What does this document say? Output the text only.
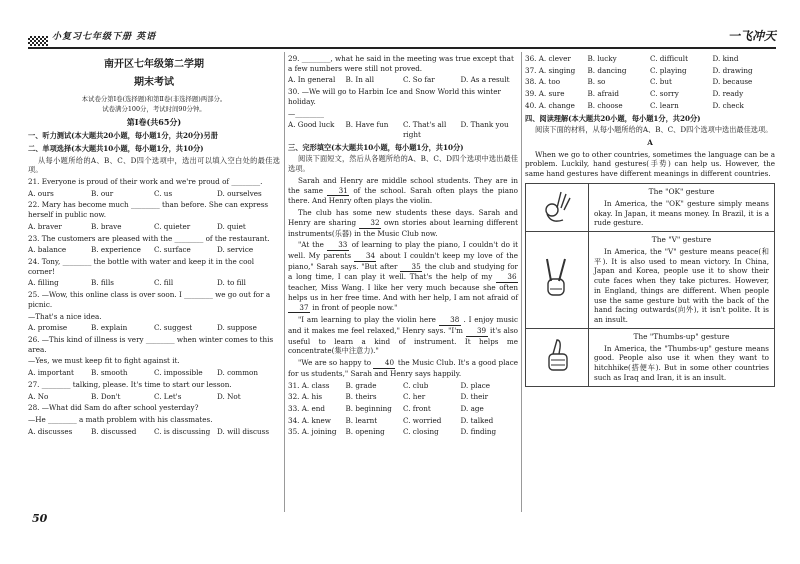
小复习七年级下册 英语	一飞冲天
南开区七年级第二学期
期末考试
本试卷分第Ⅰ卷(选择题)和第Ⅱ卷(非选择题)两部分。
试卷满分100分，考试时间90分钟。
第Ⅰ卷(共65分)
一、听力测试(本大题共20小题，每小题1分，共20分)另册
二、单项选择(本大题共10小题，每小题1分，共10分)

从每小题所给的A、B、C、D四个选项中，选出可以填入空白处的最佳选项。

21. Everyone is proud of their work and we're proud of ________.
A. ours	B. our	C. us	D. ourselves
22. Mary has become much ________ than before. She can express herself in public now.
A. braver	B. brave	C. quieter	D. quiet
23. The customers are pleased with the ________ of the restaurant.
A. balance	B. experience	C. surface	D. service
24. Tony, ________ the bottle with water and keep it in the cool corner!
A. filling	B. fills	C. fill	D. to fill
25. —Wow, this online class is over soon. I ________ we go out for a picnic.
—That's a nice idea.
A. promise	B. explain	C. suggest	D. suppose
26. —This kind of illness is very ________ when winter comes to this area.
—Yes, we must keep fit to fight against it.
A. important	B. smooth	C. impossible	D. common
27. ________ talking, please. It's time to start our lesson.
A. No	B. Don't	C. Let's	D. Not
28. —What did Sam do after school yesterday?
—He ________ a math problem with his classmates.
A. discusses	B. discussed	C. is discussing D. will discuss
29. ________, what he said in the meeting was true except that a few numbers were still not proved.
A. In general	B. In all	C. So far	D. As a result
30. —We will go to Harbin Ice and Snow World this winter holiday.
—________
A. Good luck	B. Have fun	C. That's all right
D. Thank you
三、完形填空(本大题共10小题，每小题1分，共10分)

阅读下面短文，然后从各题所给的A、B、C、D四个选项中选出最佳选项。

Sarah and Henry are middle school students. They are in the same 31 of the school. Sarah often plays the piano there. And Henry often plays the violin.

The club has some new students these days. Sarah and Henry are sharing 32 own stories about learning different instruments(乐器) in the Music Club now.

"At the 33 of learning to play the piano, I couldn't do it well. My parents 34 about I couldn't keep my love of the piano," Sarah says. "But after 35 the club and studying for a long time, I can play it well. That's the help of my 36 teacher, Miss Wang. I like her very much because she often helps us in her free time. And with her help, I am not afraid of 37 in front of people now."

"I am learning to play the violin here 38 . I enjoy music and it makes me feel relaxed," Henry says. "I'm 39 it's also useful to learn a kind of instrument. It helps me concentrate(集中注意力)."

"We are so happy to 40 the Music Club. It's a good place for us students," Sarah and Henry says happily.

31. A. class	B. grade	C. club	D. place
32. A. his	B. theirs	C. her	D. their
33. A. end	B. beginning	C. front	D. age
34. A. knew	B. learnt	C. worried	D. talked
35. A. joining	B. opening	C. closing	D. finding
36. A. clever	B. lucky	C. difficult	D. kind
37. A. singing	B. dancing	C. playing	D. drawing
38. A. too	B. so	C. but	D. because
39. A. sure	B. afraid	C. sorry	D. ready
40. A. change	B. choose	C. learn	D. check
四、阅读理解(本大题共20小题，每小题1分，共20分)

阅读下面的材料，从每小题所给的A、B、C、D四个选项中选出最佳选项。

A

When we go to other countries, sometimes the language can be a problem. Luckily, hand gestures(手势) can help us. However, the same hand gestures have different meanings in different countries.

The "OK" gesture

In America, the "OK" gesture simply means okay. In Japan, it means money. In Brazil, it is a rude gesture.

The "V" gesture

In America, the "V" gesture means peace(和平). It is also used to mean victory. In China, Japan and Korea, people use it to show their cute faces when they take pictures. However, in England, things are different. When people use the same gesture but with the back of the hand facing outwards(向外), it isn't polite. It is an insult.

The "Thumbs-up" gesture

In America, the "Thumbs-up" gesture means good. People also use it when they want to hitchhike(搭便车). But in some other countries such as Iraq and Iran, it is an insult.

50
